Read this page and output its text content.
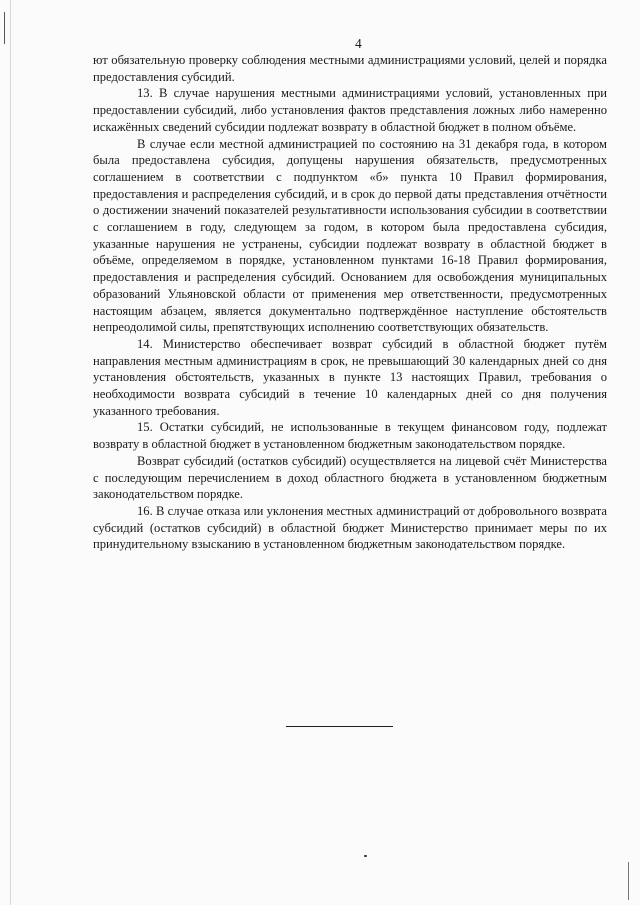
4

ют обязательную проверку соблюдения местными администрациями условий, целей и порядка предоставления субсидий.

13. В случае нарушения местными администрациями условий, установленных при предоставлении субсидий, либо установления фактов представления ложных либо намеренно искажённых сведений субсидии подлежат возврату в областной бюджет в полном объёме.

В случае если местной администрацией по состоянию на 31 декабря года, в котором была предоставлена субсидия, допущены нарушения обязательств, предусмотренных соглашением в соответствии с подпунктом «б» пункта 10 Правил формирования, предоставления и распределения субсидий, и в срок до первой даты представления отчётности о достижении значений показателей результативности использования субсидии в соответствии с соглашением в году, следующем за годом, в котором была предоставлена субсидия, указанные нарушения не устранены, субсидии подлежат возврату в областной бюджет в объёме, определяемом в порядке, установленном пунктами 16-18 Правил формирования, предоставления и распределения субсидий. Основанием для освобождения муниципальных образований Ульяновской области от применения мер ответственности, предусмотренных настоящим абзацем, является документально подтверждённое наступление обстоятельств непреодолимой силы, препятствующих исполнению соответствующих обязательств.

14. Министерство обеспечивает возврат субсидий в областной бюджет путём направления местным администрациям в срок, не превышающий 30 календарных дней со дня установления обстоятельств, указанных в пункте 13 настоящих Правил, требования о необходимости возврата субсидий в течение 10 календарных дней со дня получения указанного требования.

15. Остатки субсидий, не использованные в текущем финансовом году, подлежат возврату в областной бюджет в установленном бюджетным законодательством порядке.

Возврат субсидий (остатков субсидий) осуществляется на лицевой счёт Министерства с последующим перечислением в доход областного бюджета в установленном бюджетным законодательством порядке.

16. В случае отказа или уклонения местных администраций от добровольного возврата субсидий (остатков субсидий) в областной бюджет Министерство принимает меры по их принудительному взысканию в установленном бюджетным законодательством порядке.
